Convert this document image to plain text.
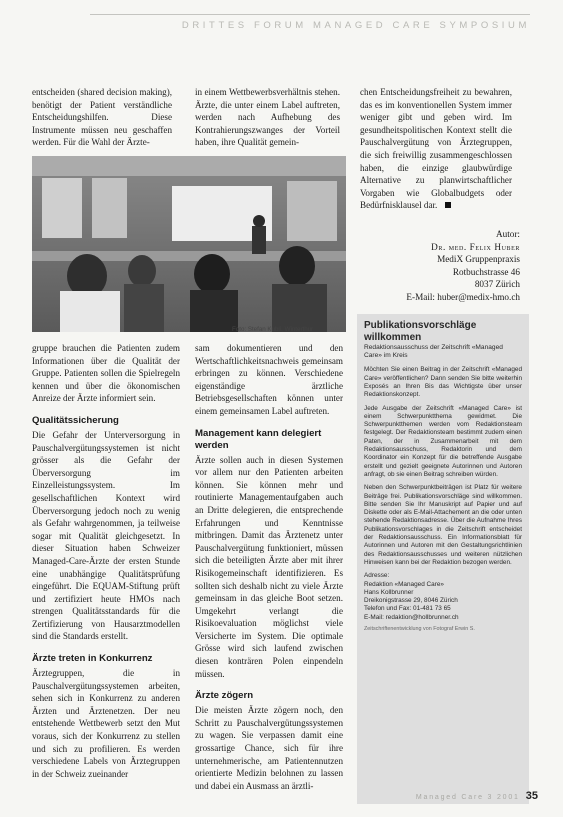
DRITTES FORUM MANAGED CARE SYMPOSIUM

entscheiden (shared decision making), benötigt der Patient verständliche Entscheidungshilfen. Diese Instrumente müssen neu geschaffen werden. Für die Wahl der Ärzte-

in einem Wettbewerbsverhältnis stehen. Ärzte, die unter einem Label auftreten, werden nach Aufhebung des Kontrahierungszwanges der Vorteil haben, ihre Qualität gemein-

chen Entscheidungsfreiheit zu bewahren, das es im konventionellen System immer weniger gibt und geben wird. Im gesundheitspolitischen Kontext stellt die Pauschalvergütung von Ärztegruppen, die sich freiwillig zusammengeschlossen haben, die einzige glaubwürdige Alternative zu planwirtschaftlicher Vorgaben wie Globalbudgets oder Bedürfnisklausel dar.

Foto: Stefan Kubli, Winterthur
Autor:
Dr. med. Felix Huber
MediX Gruppenpraxis
Rotbuchstrasse 46
8037 Zürich
E-Mail: huber@medix-hmo.ch

gruppe brauchen die Patienten zudem Informationen über die Qualität der Gruppe. Patienten sollen die Spielregeln kennen und über die ökonomischen Anreize der Ärzte informiert sein.

Qualitätssicherung

Die Gefahr der Unterversorgung in Pauschalvergütungssystemen ist nicht grösser als die Gefahr der Überversorgung im Einzelleistungssystem. Im gesellschaftlichen Kontext wird Überversorgung jedoch noch zu wenig als Gefahr wahrgenommen, ja teilweise sogar mit Qualität gleichgesetzt. In dieser Situation haben Schweizer Managed-Care-Ärzte der ersten Stunde eine unabhängige Qualitätsprüfung eingeführt. Die EQUAM-Stiftung prüft und zertifiziert heute HMOs nach strengen Qualitätsstandards für die Zertifizierung von Hausarztmodellen sind die Standards erstellt.

Ärzte treten in Konkurrenz

Ärztegruppen, die in Pauschalvergütungssystemen arbeiten, sehen sich in Konkurrenz zu anderen Ärzten und Ärztenetzen. Der neu entstehende Wettbewerb setzt den Mut voraus, sich der Konkurrenz zu stellen und sich zu profilieren. Es werden verschiedene Labels von Ärztegruppen in der Schweiz zueinander

sam dokumentieren und den Wertschaftlichkeitsnachweis gemeinsam erbringen zu können. Verschiedene eigenständige ärztliche Betriebsgesellschaften können unter einem gemeinsamen Label auftreten.

Management kann delegiert werden

Ärzte sollen auch in diesen Systemen vor allem nur den Patienten arbeiten können. Sie können mehr und routinierte Managementaufgaben auch an Dritte delegieren, die entsprechende Erfahrungen und Kenntnisse mitbringen. Damit das Ärztenetz unter Pauschalvergütung funktioniert, müssen sich die beteiligten Ärzte aber mit ihrer Risikogemeinschaft identifizieren. Es sollten sich deshalb nicht zu viele Ärzte gemeinsam in das gleiche Boot setzen. Umgekehrt verlangt die Risikoevaluation möglichst viele Versicherte im System. Die optimale Grösse wird sich laufend zwischen diesen konträren Polen einpendeln müssen.

Ärzte zögern

Die meisten Ärzte zögern noch, den Schritt zu Pauschalvergütungssystemen zu wagen. Sie verpassen damit eine grossartige Chance, sich für ihre unternehmerische, am Patientennutzen orientierte Medizin belohnen zu lassen und dabei ein Ausmass an ärztli-

Publikationsvorschläge willkommen
Redaktionsausschuss der Zeitschrift «Managed Care» im Kreis

Möchten Sie einen Beitrag in der Zeitschrift «Managed Care» veröffentlichen? Dann senden Sie bitte weiterhin Exposés an Ihren Bis das Wichtigste über unser Redaktionskonzept.

Jede Ausgabe der Zeitschrift «Managed Care» ist einem Schwerpunktthema gewidmet. Die Schwerpunktthemen werden vom Redaktionsteam festgelegt. Der Redaktionsteam bestimmt zudem einen Paten, der in Zusammenarbeit mit dem Redaktionsausschuss, Redaktorin und dem Koordinator ein Konzept für die betreffende Ausgabe erstellt und gezielt geeignete Autorinnen und Autoren anfragt, ob sie einen Beitrag schreiben würden.

Neben den Schwerpunktbeiträgen ist Platz für weitere Beiträge frei. Publikationsvorschläge sind willkommen. Bitte senden Sie Ihr Manuskript auf Papier und auf Diskette oder als E-Mail-Attachement an die oder unten stehende Redaktionsadresse. Über die Aufnahme Ihres Publikationsvorschlages in die Zeitschrift entscheidet der Redaktionsausschuss. Ein Informationsblatt für Autorinnen und Autoren mit den Gestaltungsrichtlinien des Redaktionsausschusses und weiteren nützlichen Hinweisen kann bei der Redaktion bezogen werden.

Adresse:
Redaktion «Managed Care»
Hans Kollbrunner
Dreikonigstrasse 29, 8046 Zürich
Telefon und Fax: 01-481 73 65
E-Mail: redaktion@hollbrunner.ch
Zeitschriftenentwicklung von Fotograf Erwin S.
Managed Care 3 2001 35
